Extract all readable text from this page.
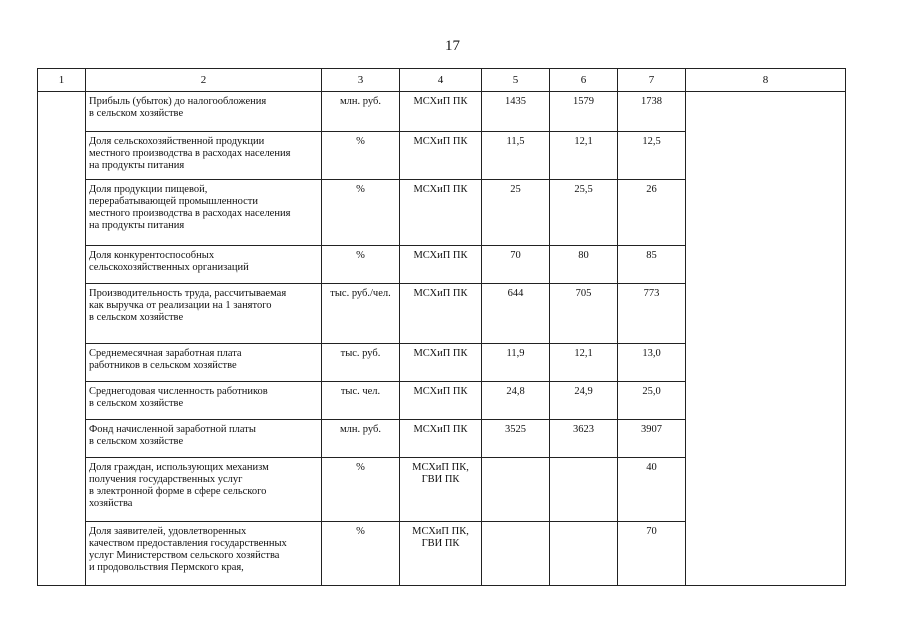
17
1	2	3	4	5	6	7	8
	Прибыль (убыток) до налогообложения
в сельском хозяйстве	млн. руб.	МСХиП ПК	1435	1579	1738	
	Доля сельскохозяйственной продукции
местного производства в расходах населения
на продукты питания	%	МСХиП ПК	11,5	12,1	12,5	
	Доля продукции пищевой,
перерабатывающей промышленности
местного производства в расходах населения
на продукты питания	%	МСХиП ПК	25	25,5	26	
	Доля конкурентоспособных
сельскохозяйственных организаций	%	МСХиП ПК	70	80	85	
	Производительность труда, рассчитываемая
как выручка от реализации на 1 занятого
в сельском хозяйстве	тыс. руб./чел.	МСХиП ПК	644	705	773	
	Среднемесячная заработная плата
работников в сельском хозяйстве	тыс. руб.	МСХиП ПК	11,9	12,1	13,0	
	Среднегодовая численность работников
в сельском хозяйстве	тыс. чел.	МСХиП ПК	24,8	24,9	25,0	
	Фонд начисленной заработной платы
в сельском хозяйстве	млн. руб.	МСХиП ПК	3525	3623	3907	
	Доля граждан, использующих механизм
получения государственных услуг
в электронной форме в сфере сельского
хозяйства	%	МСХиП ПК,
ГВИ ПК			40	
	Доля заявителей, удовлетворенных
качеством предоставления государственных
услуг Министерством сельского хозяйства
и продовольствия Пермского края,	%	МСХиП ПК,
ГВИ ПК			70	
